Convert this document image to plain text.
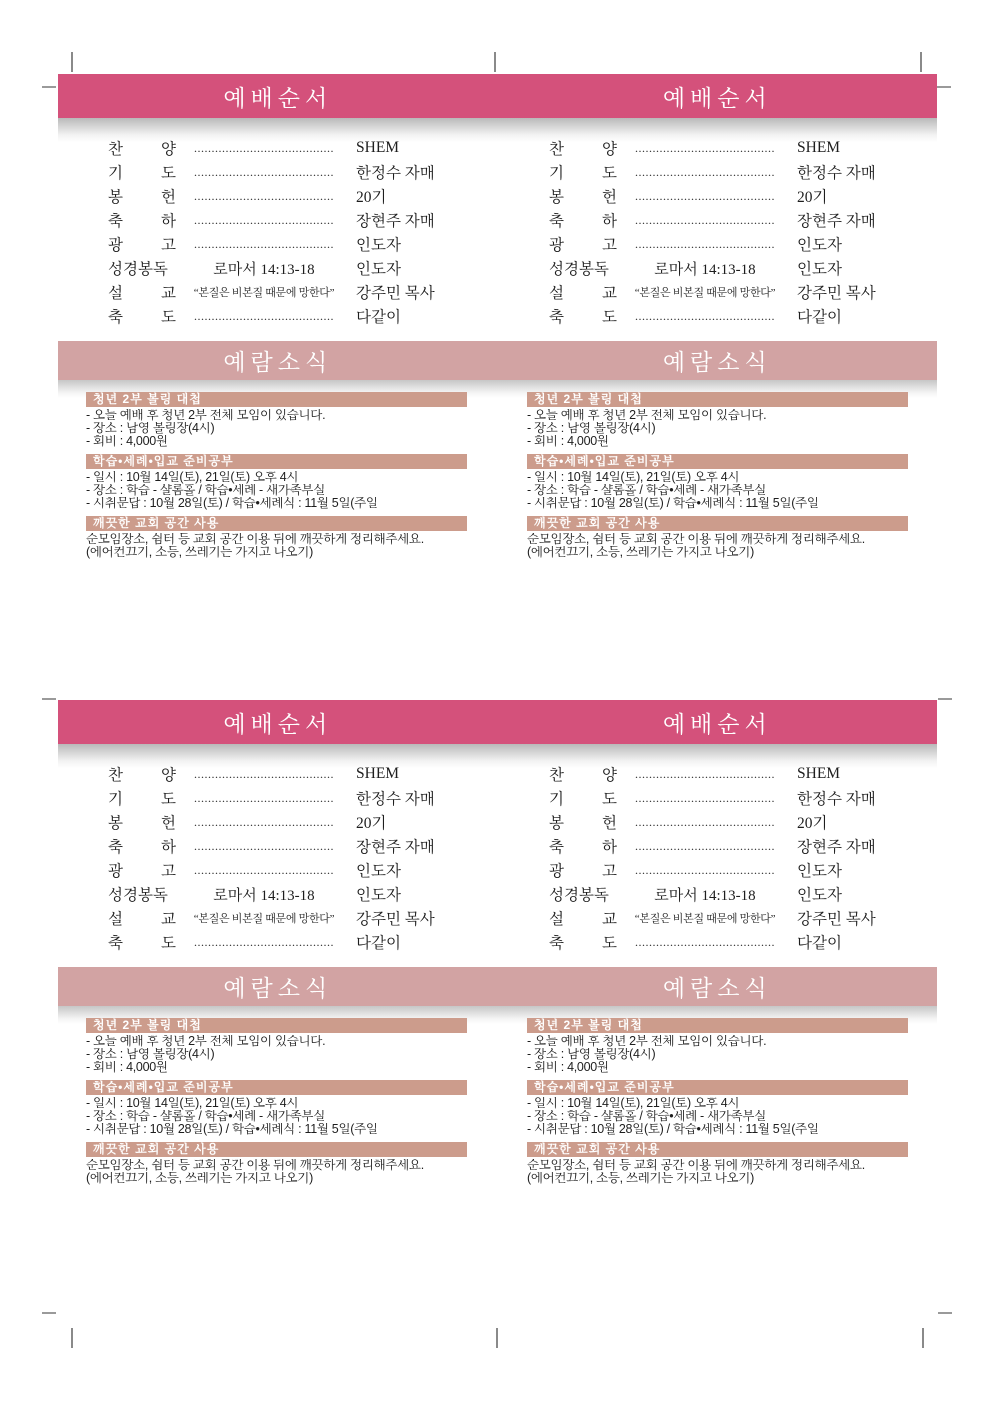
예배순서	예배순서
찬 양	........................................	SHEM
기 도	........................................	한정수 자매
봉 헌	........................................	20기
축 하	........................................	장현주 자매
광 고	........................................	인도자
성경봉독	로마서 14:13-18	인도자
설 교	“본질은 비본질 때문에 망한다”	강주민 목사
축 도	........................................	다같이
찬 양	........................................	SHEM
기 도	........................................	한정수 자매
봉 헌	........................................	20기
축 하	........................................	장현주 자매
광 고	........................................	인도자
성경봉독	로마서 14:13-18	인도자
설 교	“본질은 비본질 때문에 망한다”	강주민 목사
축 도	........................................	다같이
예람소식	예람소식
청년 2부 볼링 대첩
- 오늘 예배 후 청년 2부 전체 모임이 있습니다.
- 장소 : 남영 볼링장(4시)
- 회비 : 4,000원
학습•세례•입교 준비공부
- 일시 : 10월 14일(토), 21일(토) 오후 4시
- 장소 : 학습 - 샬롬홀 / 학습•세례 - 새가족부실
- 시취문답 : 10월 28일(토) / 학습•세례식 : 11월 5일(주일
깨끗한 교회 공간 사용
순모임장소, 쉼터 등 교회 공간 이용 뒤에 깨끗하게 정리해주세요.
(에어컨끄기, 소등, 쓰레기는 가지고 나오기)
청년 2부 볼링 대첩
- 오늘 예배 후 청년 2부 전체 모임이 있습니다.
- 장소 : 남영 볼링장(4시)
- 회비 : 4,000원
학습•세례•입교 준비공부
- 일시 : 10월 14일(토), 21일(토) 오후 4시
- 장소 : 학습 - 샬롬홀 / 학습•세례 - 새가족부실
- 시취문답 : 10월 28일(토) / 학습•세례식 : 11월 5일(주일
깨끗한 교회 공간 사용
순모임장소, 쉼터 등 교회 공간 이용 뒤에 깨끗하게 정리해주세요.
(에어컨끄기, 소등, 쓰레기는 가지고 나오기)
예배순서	예배순서
찬 양	........................................	SHEM
기 도	........................................	한정수 자매
봉 헌	........................................	20기
축 하	........................................	장현주 자매
광 고	........................................	인도자
성경봉독	로마서 14:13-18	인도자
설 교	“본질은 비본질 때문에 망한다”	강주민 목사
축 도	........................................	다같이
찬 양	........................................	SHEM
기 도	........................................	한정수 자매
봉 헌	........................................	20기
축 하	........................................	장현주 자매
광 고	........................................	인도자
성경봉독	로마서 14:13-18	인도자
설 교	“본질은 비본질 때문에 망한다”	강주민 목사
축 도	........................................	다같이
예람소식	예람소식
청년 2부 볼링 대첩
- 오늘 예배 후 청년 2부 전체 모임이 있습니다.
- 장소 : 남영 볼링장(4시)
- 회비 : 4,000원
학습•세례•입교 준비공부
- 일시 : 10월 14일(토), 21일(토) 오후 4시
- 장소 : 학습 - 샬롬홀 / 학습•세례 - 새가족부실
- 시취문답 : 10월 28일(토) / 학습•세례식 : 11월 5일(주일
깨끗한 교회 공간 사용
순모임장소, 쉼터 등 교회 공간 이용 뒤에 깨끗하게 정리해주세요.
(에어컨끄기, 소등, 쓰레기는 가지고 나오기)
청년 2부 볼링 대첩
- 오늘 예배 후 청년 2부 전체 모임이 있습니다.
- 장소 : 남영 볼링장(4시)
- 회비 : 4,000원
학습•세례•입교 준비공부
- 일시 : 10월 14일(토), 21일(토) 오후 4시
- 장소 : 학습 - 샬롬홀 / 학습•세례 - 새가족부실
- 시취문답 : 10월 28일(토) / 학습•세례식 : 11월 5일(주일
깨끗한 교회 공간 사용
순모임장소, 쉼터 등 교회 공간 이용 뒤에 깨끗하게 정리해주세요.
(에어컨끄기, 소등, 쓰레기는 가지고 나오기)
